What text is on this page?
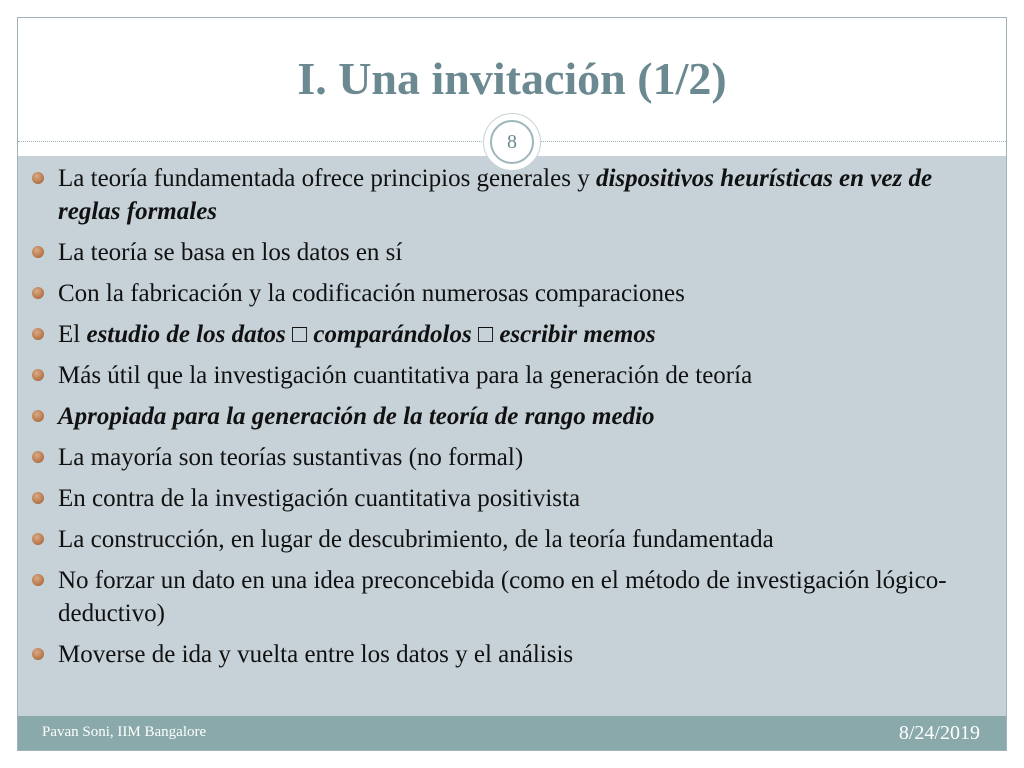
I. Una invitación (1/2)
8
Pavan Soni, IIM Bangalore	8/24/2019
La teoría fundamentada ofrece principios generales y dispositivos heurísticas en vez de reglas formales
La teoría se basa en los datos en sí
Con la fabricación y la codificación numerosas comparaciones
El estudio de los datos □ comparándolos □ escribir memos
Más útil que la investigación cuantitativa para la generación de teoría
Apropiada para la generación de la teoría de rango medio
La mayoría son teorías sustantivas (no formal)
En contra de la investigación cuantitativa positivista
La construcción, en lugar de descubrimiento, de la teoría fundamentada
No forzar un dato en una idea preconcebida (como en el método de investigación lógico-deductivo)
Moverse de ida y vuelta entre los datos y el análisis
